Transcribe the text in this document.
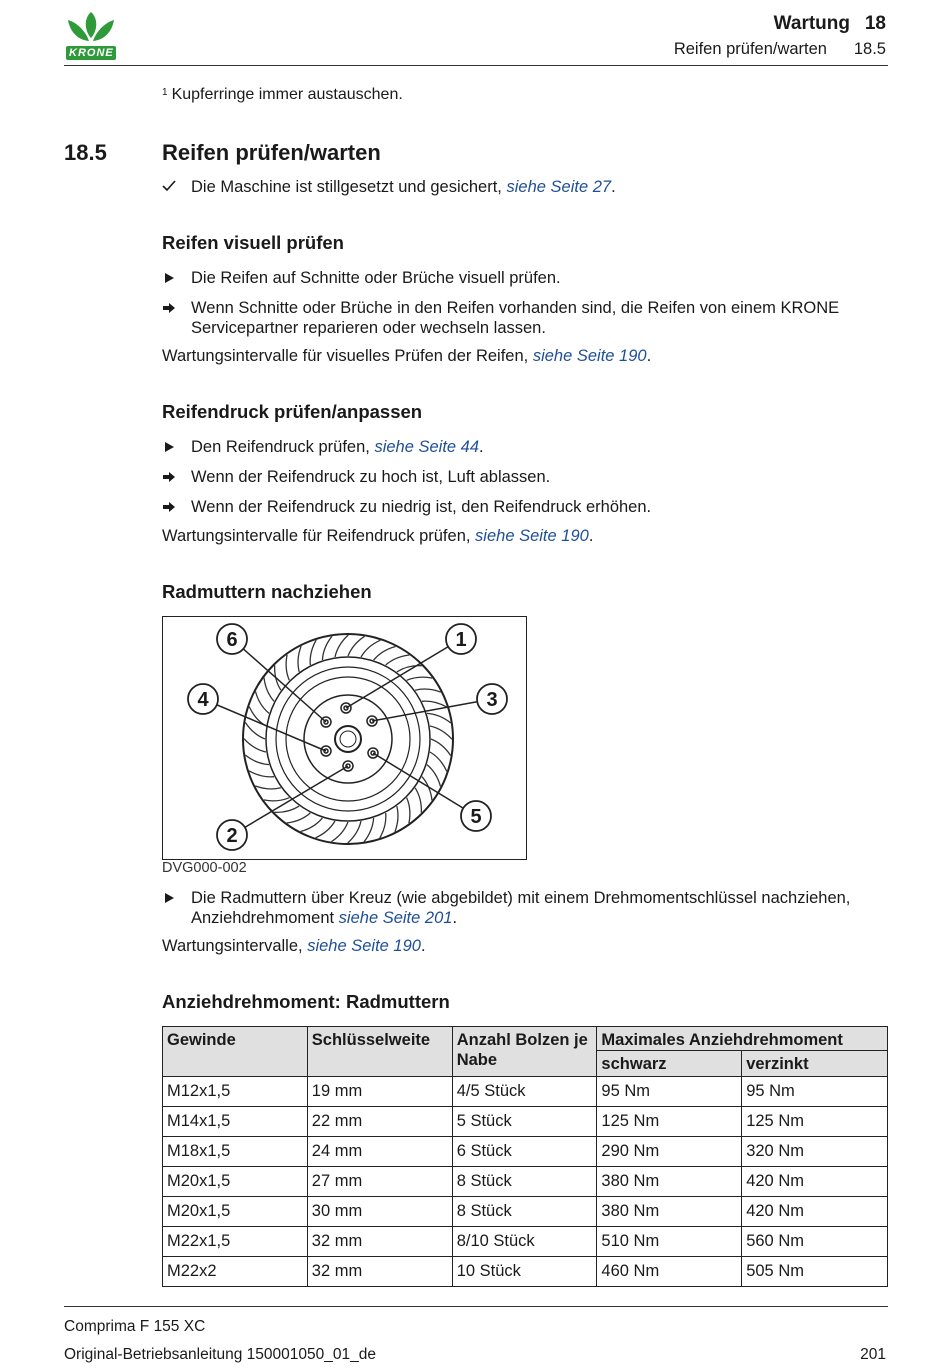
KRONE
Wartung 18
Reifen prüfen/warten 18.5
$^1$ Kupferringe immer austauschen.
18.5	Reifen prüfen/warten
Die Maschine ist stillgesetzt und gesichert, siehe Seite 27.
Reifen visuell prüfen
Die Reifen auf Schnitte oder Brüche visuell prüfen.
Wenn Schnitte oder Brüche in den Reifen vorhanden sind, die Reifen von einem KRONE
Servicepartner reparieren oder wechseln lassen.
Wartungsintervalle für visuelles Prüfen der Reifen, siehe Seite 190.
Reifendruck prüfen/anpassen
Den Reifendruck prüfen, siehe Seite 44.
Wenn der Reifendruck zu hoch ist, Luft ablassen.
Wenn der Reifendruck zu niedrig ist, den Reifendruck erhöhen.
Wartungsintervalle für Reifendruck prüfen, siehe Seite 190.
Radmuttern nachziehen
1
2
3
4
5
6
DVG000-002
Die Radmuttern über Kreuz (wie abgebildet) mit einem Drehmomentschlüssel nachziehen,
Anziehdrehmoment siehe Seite 201.
Wartungsintervalle, siehe Seite 190.
Anziehdrehmoment: Radmuttern
Gewinde	Schlüsselweite	Anzahl Bolzen je Nabe	Maximales Anziehdrehmoment	
			schwarz	verzinkt
M12x1,5	19 mm	4/5 Stück	95 Nm	95 Nm
M14x1,5	22 mm	5 Stück	125 Nm	125 Nm
M18x1,5	24 mm	6 Stück	290 Nm	320 Nm
M20x1,5	27 mm	8 Stück	380 Nm	420 Nm
M20x1,5	30 mm	8 Stück	380 Nm	420 Nm
M22x1,5	32 mm	8/10 Stück	510 Nm	560 Nm
M22x2	32 mm	10 Stück	460 Nm	505 Nm
Comprima F 155 XC
Original-Betriebsanleitung 150001050_01_de	201
